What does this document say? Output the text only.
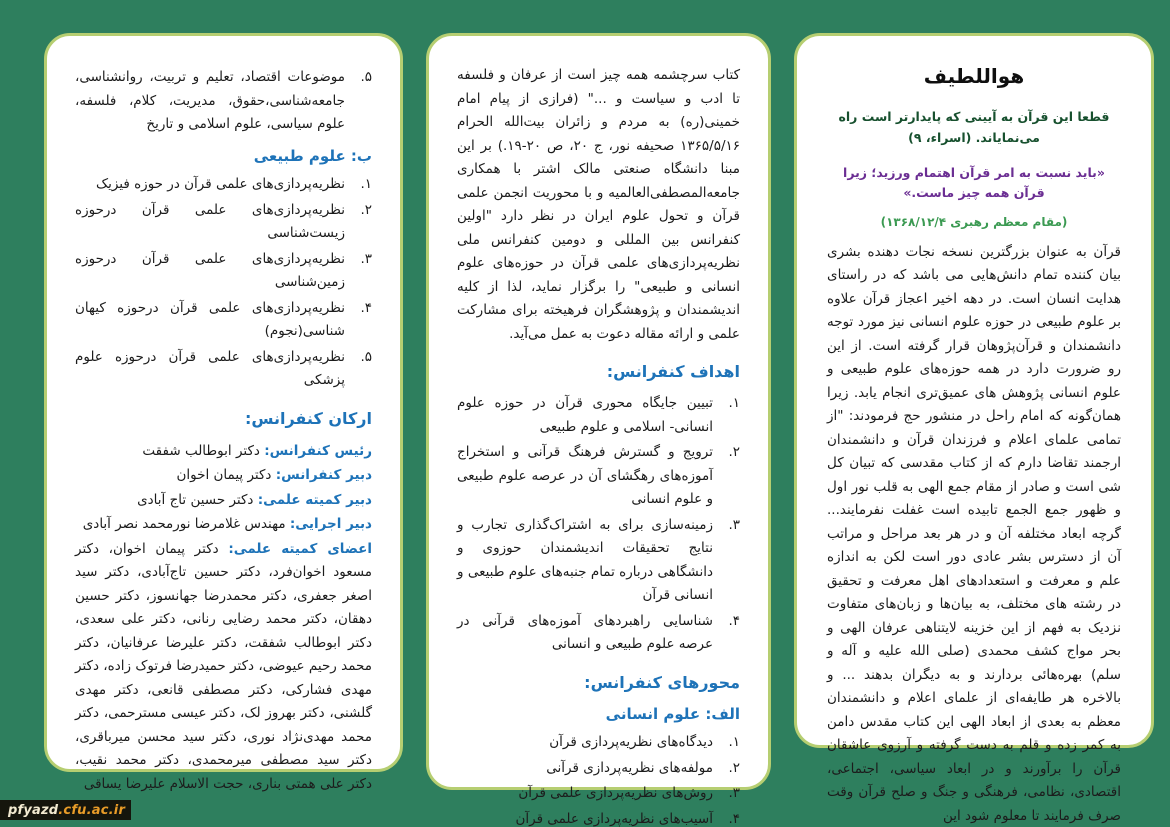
هواللطیف

قطعا این قرآن به آیینی که پایدارتر است راه می‌نمایاند. (اسراء، ۹)

«باید نسبت به امر قرآن اهتمام ورزید؛ زیرا قرآن همه چیز ماست.»

(مقام معظم رهبری ۱۳۶۸/۱۲/۴)

قرآن به عنوان بزرگترین نسخه نجات دهنده بشری بیان کننده تمام دانش‌هایی می باشد که در راستای هدایت انسان است. در دهه اخیر اعجاز قرآن علاوه بر علوم طبیعی در حوزه علوم انسانی نیز مورد توجه دانشمندان و قرآن‌پژوهان قرار گرفته است. از این رو ضرورت دارد در همه حوزه‌های علوم طبیعی و علوم انسانی پژوهش های عمیق‌تری انجام یابد. زیرا همان‌گونه که امام راحل در منشور حج فرمودند: "از تمامی علمای اعلام و فرزندان قرآن و دانشمندان ارجمند تقاضا دارم که از کتاب مقدسی که تبیان کل شی است و صادر از مقام جمع الهی به قلب نور اول و ظهور جمع الجمع تابیده است غفلت نفرمایند... گرچه ابعاد مختلفه آن و در هر بعد مراحل و مراتب آن از دسترس بشر عادی دور است لکن به اندازه علم و معرفت و استعدادهای اهل معرفت و تحقیق در رشته های مختلف، به بیان‌ها و زبان‌های متفاوت نزدیک به فهم از این خزینه لایتناهی عرفان الهی و بحر مواج کشف محمدی (صلی الله علیه و آله و سلم) بهره‌هائی بردارند و به دیگران بدهند ... و بالاخره هر طایفه‌ای از علمای اعلام و دانشمندان معظم به بعدی از ابعاد الهی این کتاب مقدس دامن به کمر زده و قلم به دست گرفته و آرزوی عاشقان قرآن را برآورند و در ابعاد سیاسی، اجتماعی، اقتصادی، نظامی، فرهنگی و جنگ و صلح قرآن وقت صرف فرمایند تا معلوم شود این

کتاب سرچشمه همه چیز است از عرفان و فلسفه تا ادب و سیاست و ..." (فرازی از پیام امام خمینی(ره) به مردم و زائران بیت‌الله الحرام ۱۳۶۵/۵/۱۶ صحیفه نور، ج ۲۰، ص ۲۰-۱۹.) بر این مبنا دانشگاه صنعتی مالک اشتر با همکاری جامعه‌المصطفی‌العالمیه و با محوریت انجمن علمی قرآن و تحول علوم ایران در نظر دارد "اولین کنفرانس بین المللی و دومین کنفرانس ملی نظریه‌پردازی‌های علمی قرآن در حوزه‌های علوم انسانی و طبیعی" را برگزار نماید، لذا از کلیه اندیشمندان و پژوهشگران فرهیخته برای مشارکت علمی و ارائه مقاله دعوت به عمل می‌آید.

اهداف کنفرانس:
۱.
تبیین جایگاه محوری قرآن در حوزه علوم انسانی- اسلامی و علوم طبیعی
۲.
ترویج و گسترش فرهنگ قرآنی و استخراج آموزه‌های رهگشای آن در عرصه علوم طبیعی و علوم انسانی
۳.
زمینه‌سازی برای به اشتراک‌گذاری تجارب و نتایج تحقیقات اندیشمندان حوزوی و دانشگاهی درباره تمام جنبه‌های علوم طبیعی و انسانی قرآن
۴.
شناسایی راهبردهای آموزه‌های قرآنی در عرصه علوم طبیعی و انسانی
محورهای کنفرانس:
الف: علوم انسانی
۱.
دیدگاه‌های نظریه‌پردازی قرآن
۲.
مولفه‌های نظریه‌پردازی قرآنی
۳.
روش‌های نظریه‌پردازی علمی قرآن
۴.
آسیب‌های نظریه‌پردازی علمی قرآن
۵.
موضوعات اقتصاد، تعلیم و تربیت، روانشناسی، جامعه‌شناسی،حقوق، مدیریت، کلام، فلسفه، علوم سیاسی، علوم اسلامی و تاریخ
ب: علوم طبیعی
۱.
نظریه‌پردازی‌های علمی قرآن در حوزه فیزیک
۲.
نظریه‌پردازی‌های علمی قرآن درحوزه زیست‌شناسی
۳.
نظریه‌پردازی‌های علمی قرآن درحوزه زمین‌شناسی
۴.
نظریه‌پردازی‌های علمی قرآن درحوزه کیهان شناسی(نجوم)
۵.
نظریه‌پردازی‌های علمی قرآن درحوزه علوم پزشکی
ارکان کنفرانس:

رئیس کنفرانس: دکتر ابوطالب شفقت

دبیر کنفرانس: دکتر پیمان اخوان

دبیر کمیته علمی: دکتر حسین تاج آبادی

دبیر اجرایی: مهندس غلامرضا نورمحمد نصر آبادی

اعضای کمیته علمی: دکتر پیمان اخوان، دکتر مسعود اخوان‌فرد، دکتر حسین تاج‌آبادی، دکتر سید اصغر جعفری، دکتر محمدرضا جهانسوز، دکتر حسین دهقان، دکتر محمد رضایی رنانی، دکتر علی سعدی، دکتر ابوطالب شفقت، دکتر علیرضا عرفانیان، دکتر محمد رحیم عیوضی، دکتر حمیدرضا فرتوک زاده، دکتر مهدی فشارکی، دکتر مصطفی قانعی، دکتر مهدی گلشنی، دکتر بهروز لک، دکتر عیسی مسترحمی، دکتر محمد مهدی‌نژاد نوری، دکتر سید محسن میرباقری، دکتر سید مصطفی میرمحمدی، دکتر محمد نقیب، دکتر علی همتی بناری، حجت الاسلام علیرضا یساقی

pfyazd .cfu.ac.ir
